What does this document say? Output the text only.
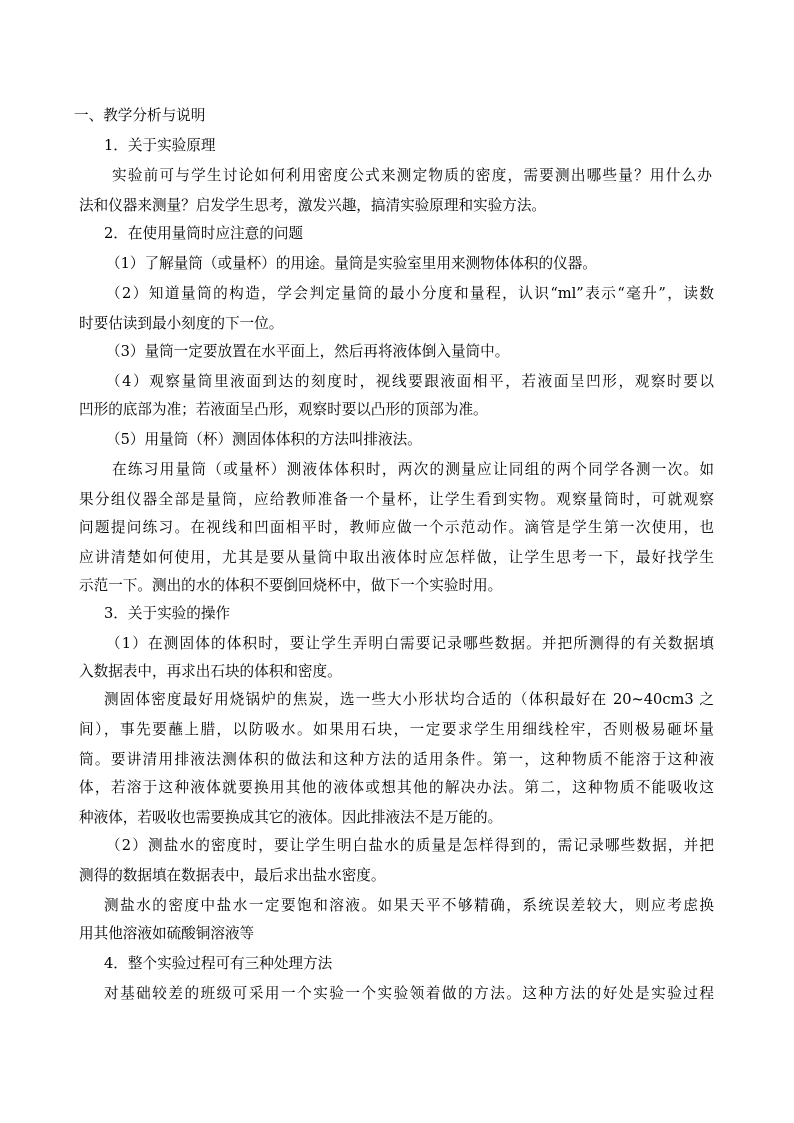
一、教学分析与说明
1．关于实验原理
实验前可与学生讨论如何利用密度公式来测定物质的密度，需要测出哪些量？用什么办
法和仪器来测量？启发学生思考，激发兴趣，搞清实验原理和实验方法。
2．在使用量筒时应注意的问题
（1）了解量筒（或量杯）的用途。量筒是实验室里用来测物体体积的仪器。
（2）知道量筒的构造，学会判定量筒的最小分度和量程，认识“ml”表示“毫升”，读数
时要估读到最小刻度的下一位。
（3）量筒一定要放置在水平面上，然后再将液体倒入量筒中。
（4）观察量筒里液面到达的刻度时，视线要跟液面相平，若液面呈凹形，观察时要以
凹形的底部为准；若液面呈凸形，观察时要以凸形的顶部为准。
（5）用量筒（杯）测固体体积的方法叫排液法。
在练习用量筒（或量杯）测液体体积时，两次的测量应让同组的两个同学各测一次。如
果分组仪器全部是量筒，应给教师准备一个量杯，让学生看到实物。观察量筒时，可就观察
问题提问练习。在视线和凹面相平时，教师应做一个示范动作。滴管是学生第一次使用，也
应讲清楚如何使用，尤其是要从量筒中取出液体时应怎样做，让学生思考一下，最好找学生
示范一下。测出的水的体积不要倒回烧杯中，做下一个实验时用。
3．关于实验的操作
（1）在测固体的体积时，要让学生弄明白需要记录哪些数据。并把所测得的有关数据填
入数据表中，再求出石块的体积和密度。
测固体密度最好用烧锅炉的焦炭，选一些大小形状均合适的（体积最好在 20~40cm3 之
间），事先要蘸上腊，以防吸水。如果用石块，一定要求学生用细线栓牢，否则极易砸坏量
筒。要讲清用排液法测体积的做法和这种方法的适用条件。第一，这种物质不能溶于这种液
体，若溶于这种液体就要换用其他的液体或想其他的解决办法。第二，这种物质不能吸收这
种液体，若吸收也需要换成其它的液体。因此排液法不是万能的。
（2）测盐水的密度时，要让学生明白盐水的质量是怎样得到的，需记录哪些数据，并把
测得的数据填在数据表中，最后求出盐水密度。
测盐水的密度中盐水一定要饱和溶液。如果天平不够精确，系统误差较大，则应考虑换
用其他溶液如硫酸铜溶液等
4．整个实验过程可有三种处理方法
对基础较差的班级可采用一个实验一个实验领着做的方法。这种方法的好处是实验过程
